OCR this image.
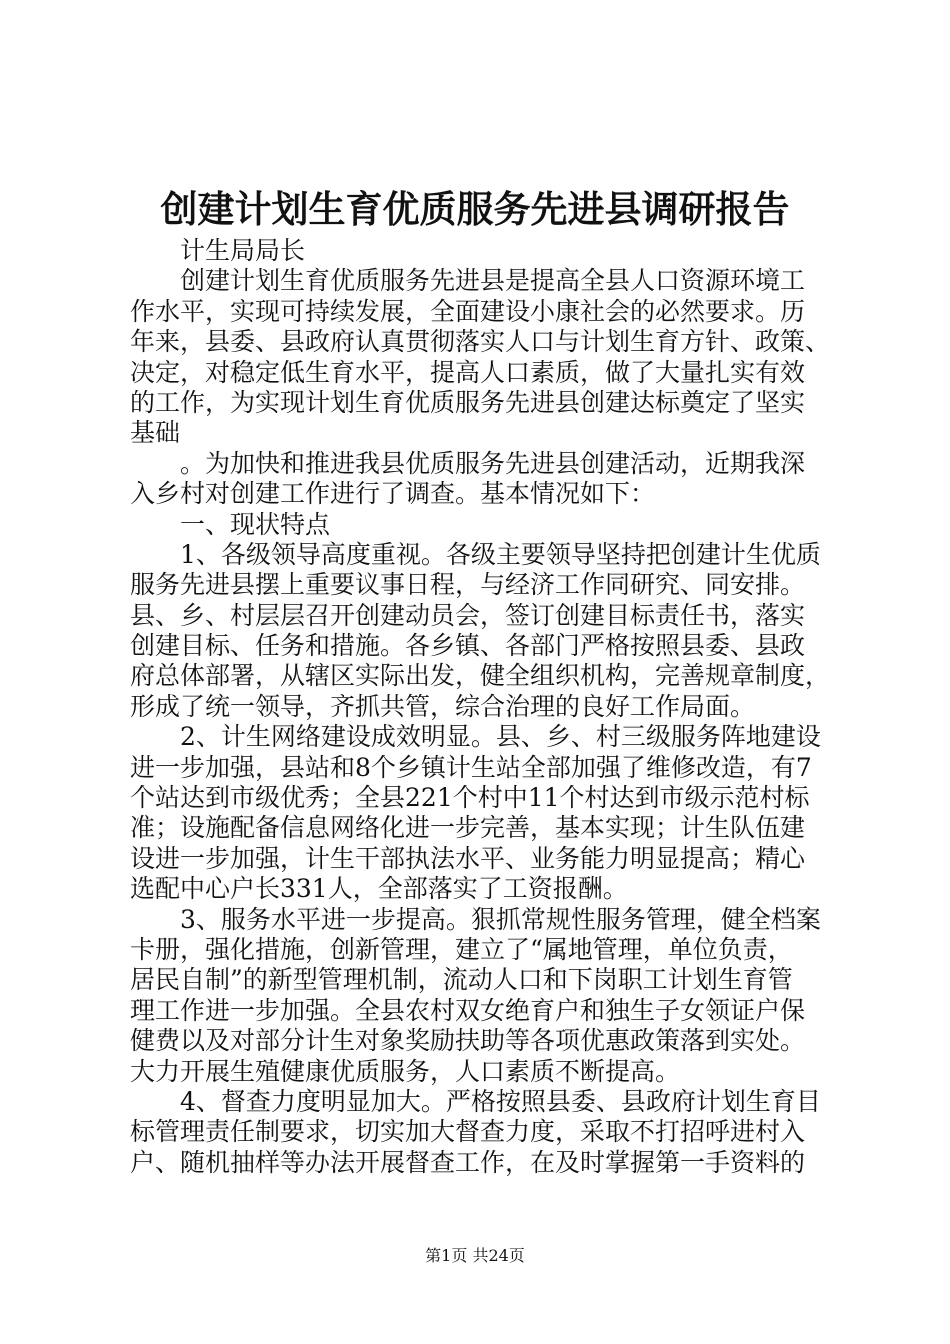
创建计划生育优质服务先进县调研报告
　　计生局局长
　　创建计划生育优质服务先进县是提高全县人口资源环境工
作水平，实现可持续发展，全面建设小康社会的必然要求。历
年来，县委、县政府认真贯彻落实人口与计划生育方针、政策、
决定，对稳定低生育水平，提高人口素质，做了大量扎实有效
的工作，为实现计划生育优质服务先进县创建达标奠定了坚实
基础
　　。为加快和推进我县优质服务先进县创建活动，近期我深
入乡村对创建工作进行了调查。基本情况如下：
　　一、现状特点
　　1、各级领导高度重视。各级主要领导坚持把创建计生优质
服务先进县摆上重要议事日程，与经济工作同研究、同安排。
县、乡、村层层召开创建动员会，签订创建目标责任书，落实
创建目标、任务和措施。各乡镇、各部门严格按照县委、县政
府总体部署，从辖区实际出发，健全组织机构，完善规章制度，
形成了统一领导，齐抓共管，综合治理的良好工作局面。
　　2、计生网络建设成效明显。县、乡、村三级服务阵地建设
进一步加强，县站和8个乡镇计生站全部加强了维修改造，有7
个站达到市级优秀；全县221个村中11个村达到市级示范村标
准；设施配备信息网络化进一步完善，基本实现；计生队伍建
设进一步加强，计生干部执法水平、业务能力明显提高；精心
选配中心户长331人，全部落实了工资报酬。
　　3、服务水平进一步提高。狠抓常规性服务管理，健全档案
卡册，强化措施，创新管理，建立了“属地管理，单位负责，
居民自制”的新型管理机制，流动人口和下岗职工计划生育管
理工作进一步加强。全县农村双女绝育户和独生子女领证户保
健费以及对部分计生对象奖励扶助等各项优惠政策落到实处。
大力开展生殖健康优质服务，人口素质不断提高。
　　4、督查力度明显加大。严格按照县委、县政府计划生育目
标管理责任制要求，切实加大督查力度，采取不打招呼进村入
户、随机抽样等办法开展督查工作，在及时掌握第一手资料的
第1页 共24页
